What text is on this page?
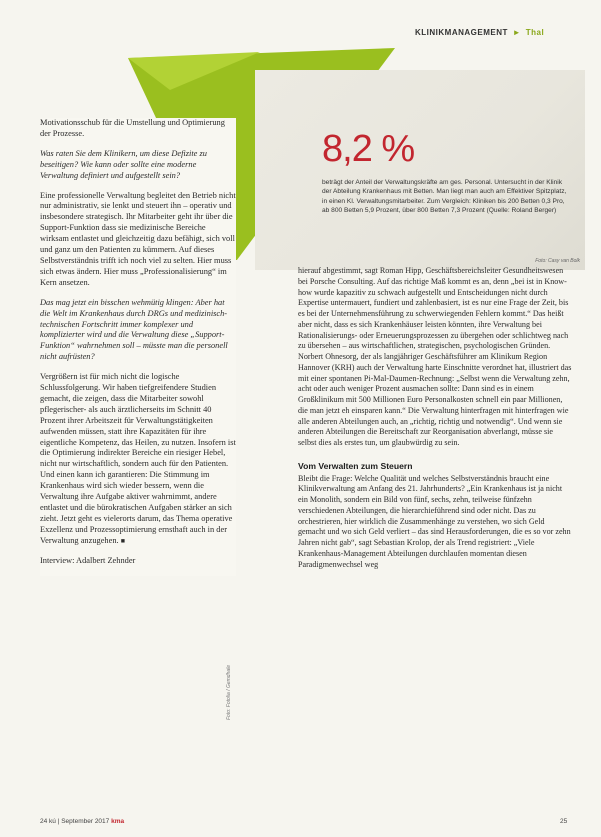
KLINIKMANAGEMENT ► Thal
8,2 %
beträgt der Anteil der Verwaltungskräfte am ges. Personal. Untersucht in der Klinik der Abteilung Krankenhaus mit Betten. Man liegt man auch am Effektiver Spitzplatz, in einen Kl. Verwaltungsmitarbeiter. Zum Vergleich: Kliniken bis 200 Betten 0,3 Pro, ab 800 Betten 5,9 Prozent, über 800 Betten 7,3 Prozent (Quelle: Roland Berger)
Foto: Casy van Bolk

Motivationsschub für die Umstellung und Optimierung der Prozesse.

Was raten Sie dem Klinikern, um diese Defizite zu beseitigen? Wie kann oder sollte eine moderne Verwaltung definiert und aufgestellt sein?

Eine professionelle Verwaltung begleitet den Betrieb nicht nur administrativ, sie lenkt und steuert ihn – operativ und insbesondere strategisch. Ihr Mitarbeiter geht ihr über die Support-Funktion dass sie medizinische Bereiche wirksam entlastet und gleichzeitig dazu befähigt, sich voll und ganz um den Patienten zu kümmern. Auf dieses Selbstverständnis trifft ich noch viel zu selten. Hier muss sich etwas ändern. Hier muss „Professionalisierung“ im Kern ansetzen.

Das mag jetzt ein bisschen wehmütig klingen: Aber hat die Welt im Krankenhaus durch DRGs und medizinisch-technischen Fortschritt immer komplexer und komplizierter wird und die Verwaltung diese „Support-Funktion“ wahrnehmen soll – müsste man die personell nicht aufrüsten?

Vergrößern ist für mich nicht die logische Schlussfolgerung. Wir haben tiefgreifendere Studien gemacht, die zeigen, dass die Mitarbeiter sowohl pflegerischer- als auch ärztlicherseits im Schnitt 40 Prozent ihrer Arbeitszeit für Verwaltungstätigkeiten aufwenden müssen, statt ihre Kapazitäten für ihre eigentliche Kompetenz, das Heilen, zu nutzen. Insofern ist die Optimierung indirekter Bereiche ein riesiger Hebel, nicht nur wirtschaftlich, sondern auch für den Patienten. Und einen kann ich garantieren: Die Stimmung im Krankenhaus wird sich wieder bessern, wenn die Verwaltung ihre Aufgabe aktiver wahrnimmt, andere entlastet und die bürokratischen Aufgaben stärker an sich zieht. Jetzt geht es vielerorts darum, das Thema operative Exzellenz und Prozessoptimierung ernsthaft auch in der Verwaltung anzugehen. ■

Interview: Adalbert Zehnder

Foto: Fotolia / Gemdhale

hierauf abgestimmt, sagt Roman Hipp, Geschäftsbereichsleiter Gesundheitswesen bei Porsche Consulting. Auf das richtige Maß kommt es an, denn „bei ist in Know-how wurde kapazitiv zu schwach aufgestellt und Entscheidungen nicht durch Expertise untermauert, fundiert und zahlenbasiert, ist es nur eine Frage der Zeit, bis es bei der Unternehmensführung zu schwerwiegenden Fehlern kommt.“ Das heißt aber nicht, dass es sich Krankenhäuser leisten könnten, ihre Verwaltung bei Rationalisierungs- oder Erneuerungsprozessen zu übergehen oder schlichtweg nach zu übersehen – aus wirtschaftlichen, strategischen, psychologischen Gründen. Norbert Ohnesorg, der als langjähriger Geschäftsführer am Klinikum Region Hannover (KRH) auch der Verwaltung harte Einschnitte verordnet hat, illustriert das mit einer spontanen Pi-Mal-Daumen-Rechnung: „Selbst wenn die Verwaltung zehn, acht oder auch weniger Prozent ausmachen sollte: Dann sind es in einem Großklinikum mit 500 Millionen Euro Personalkosten schnell ein paar Millionen, die man jetzt eh einsparen kann.“ Die Verwaltung hinterfragen mit hinterfragen wie alle anderen Abteilungen auch, an „richtig, richtig und notwendig“. Und wenn sie anderen Abteilungen die Bereitschaft zur Reorganisation abverlangt, müsse sie selbst dies als erstes tun, um glaubwürdig zu sein.

Vom Verwalten zum Steuern

Bleibt die Frage: Welche Qualität und welches Selbstverständnis braucht eine Klinikverwaltung am Anfang des 21. Jahrhunderts? „Ein Krankenhaus ist ja nicht ein Monolith, sondern ein Bild von fünf, sechs, zehn, teilweise fünfzehn verschiedenen Abteilungen, die hierarchieführend sind oder nicht. Das zu orchestrieren, hier wirklich die Zusammenhänge zu verstehen, wo sich Geld gemacht und wo sich Geld verliert – das sind Herausforderungen, die es so vor zehn Jahren nicht gab“, sagt Sebastian Krolop, der als Trend registriert: „Viele Krankenhaus-Management Abteilungen durchlaufen momentan diesen Paradigmenwechsel weg

24 kú | September 2017 kma	25
